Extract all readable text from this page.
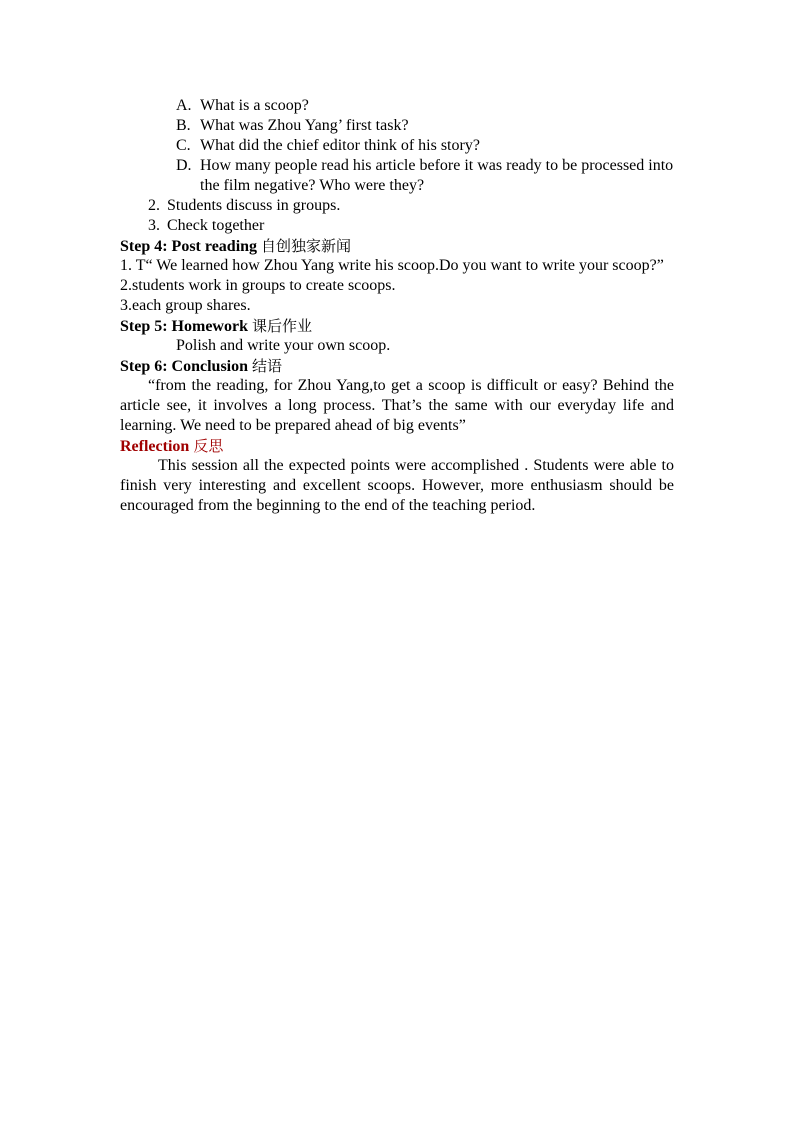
A. What is a scoop?
B. What was Zhou Yang’ first task?
C. What did the chief editor think of his story?
D. How many people read his article before it was ready to be processed into the film negative? Who were they?
2. Students discuss in groups.
3. Check together
Step 4: Post reading 自创独家新闻
1. T“ We learned how Zhou Yang write his scoop.Do you want to write your scoop?”
2.students work in groups to create scoops.
3.each group shares.
Step 5: Homework 课后作业
Polish and write your own scoop.
Step 6: Conclusion 结语
“from the reading, for Zhou Yang,to get a scoop is difficult or easy? Behind the article see, it involves a long process. That’s the same with our everyday life and learning. We need to be prepared ahead of big events”
Reflection 反思
This session all the expected points were accomplished . Students were able to finish very interesting and excellent scoops. However, more enthusiasm should be encouraged from the beginning to the end of the teaching period.
